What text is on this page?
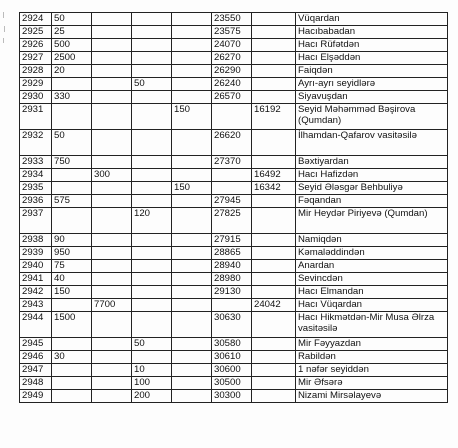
2924	50				23550		Vüqardan
2925	25				23575		Hacıbabadan
2926	500				24070		Hacı Rüfətdən
2927	2500				26270		Hacı Elşəddən
2928	20				26290		Faiqdən
2929			50		26240		Ayrı-ayrı seyidlərə
2930	330				26570		Siyavuşdan
2931				150		16192	Seyid Məhəmməd Bəşirova (Qumdan)
2932	50				26620		İlhamdan-Qafarov vasitəsilə
2933	750				27370		Bəxtiyardan
2934		300				16492	Hacı Hafizdən
2935				150		16342	Seyid Ələsgər Behbuliyə
2936	575				27945		Fəqandan
2937			120		27825		Mir Heydər Piriyevə (Qumdan)
2938	90				27915		Namiqdən
2939	950				28865		Kəmaləddindən
2940	75				28940		Anardan
2941	40				28980		Sevincdən
2942	150				29130		Hacı Elmandan
2943		7700				24042	Hacı Vüqardan
2944	1500				30630		Hacı Hikmətdən-Mir Musa Əlrza vasitəsilə
2945			50		30580		Mir Fəyyazdan
2946	30				30610		Rabildən
2947			10		30600		1 nəfər seyiddən
2948			100		30500		Mir Əfsərə
2949			200		30300		Nizami Mirsəlayevə
